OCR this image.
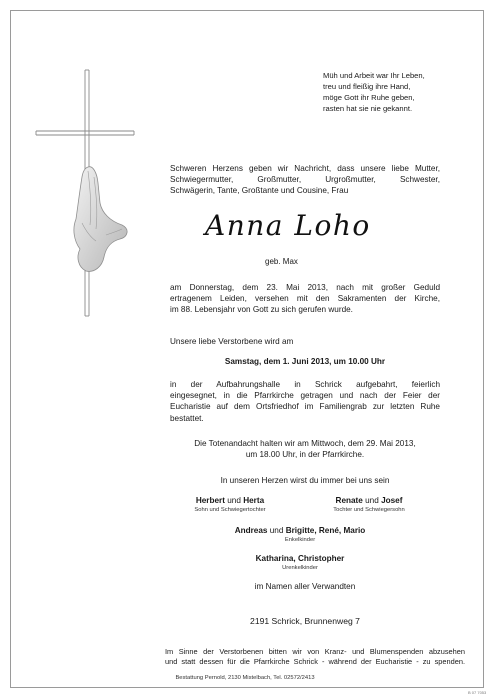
Müh und Arbeit war Ihr Leben,
treu und fleißig ihre Hand,
möge Gott ihr Ruhe geben,
rasten hat sie nie gekannt.
Schweren Herzens geben wir Nachricht, dass unsere liebe Mutter,
Schwiegermutter, Großmutter, Urgroßmutter, Schwester,
Schwägerin, Tante, Großtante und Cousine, Frau
Anna Loho
geb. Max
am Donnerstag, dem 23. Mai 2013, nach mit großer Geduld
ertragenem Leiden, versehen mit den Sakramenten der Kirche,
im 88. Lebensjahr von Gott zu sich gerufen wurde.
Unsere liebe Verstorbene wird am
Samstag, dem 1. Juni 2013, um 10.00 Uhr
in der Aufbahrungshalle in Schrick aufgebahrt, feierlich
eingesegnet, in die Pfarrkirche getragen und nach der Feier der
Eucharistie auf dem Ortsfriedhof im Familiengrab zur letzten Ruhe
bestattet.
Die Totenandacht halten wir am Mittwoch, dem 29. Mai 2013,
um 18.00 Uhr, in der Pfarrkirche.
In unseren Herzen wirst du immer bei uns sein
Herbert und Herta
Sohn und Schwiegertochter
Renate und Josef
Tochter und Schwiegersohn
Andreas und Brigitte, René, Mario
Enkelkinder
Katharina, Christopher
Urenkelkinder
im Namen aller Verwandten
2191 Schrick, Brunnenweg 7
Im Sinne der Verstorbenen bitten wir von Kranz- und Blumenspenden abzusehen
und statt dessen für die Pfarrkirche Schrick - während der Eucharistie - zu spenden.
Bestattung Pernold, 2130 Mistelbach, Tel. 02572/2413
B 07 7053
